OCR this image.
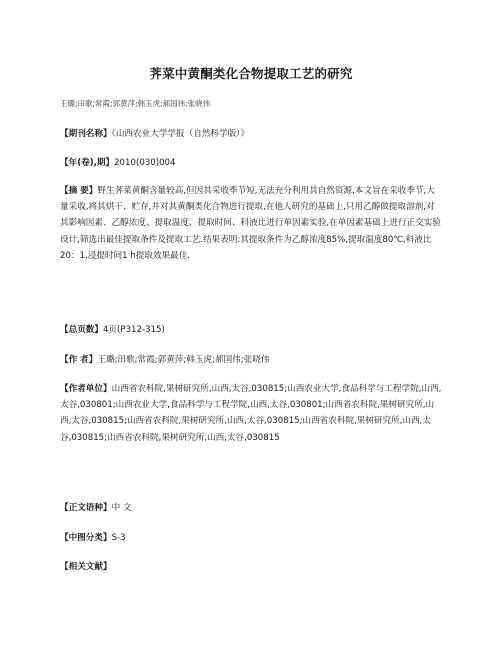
荠菜中黄酮类化合物提取工艺的研究
王璐;田歌;常霞;郭黄萍;韩玉虎;郝国伟;张晓伟
【期刊名称】《山西农业大学学报（自然科学版）》
【年(卷),期】2010(030)004
【摘 要】野生荠菜黄酮含量较高,但因其采收季节短,无法充分利用其自然资源,本文旨在采收季节,大量采收,将其烘干、贮存,并对其黄酮类化合物进行提取,在他人研究的基础上,只用乙醇做提取溶剂,对其影响因素、乙醇浓度、提取温度、提取时间、料液比进行单因素实验,在单因素基础上进行正交实验设计,筛选出最佳提取条件及提取工艺.结果表明:其提取条件为乙醇浓度85%,提取温度80℃,料液比20：1,浸提时间1 h提取效果最佳.
【总页数】4页(P312-315)
【作 者】王璐;田歌;常霞;郭黄萍;韩玉虎;郝国伟;张晓伟
【作者单位】山西省农科院,果树研究所,山西,太谷,030815;山西农业大学,食品科学与工程学院,山西,太谷,030801;山西农业大学,食品科学与工程学院,山西,太谷,030801;山西省农科院,果树研究所,山西,太谷,030815;山西省农科院,果树研究所,山西,太谷,030815;山西省农科院,果树研究所,山西,太谷,030815;山西省农科院,果树研究所,山西,太谷,030815
【正文语种】中 文
【中图分类】S-3
【相关文献】
